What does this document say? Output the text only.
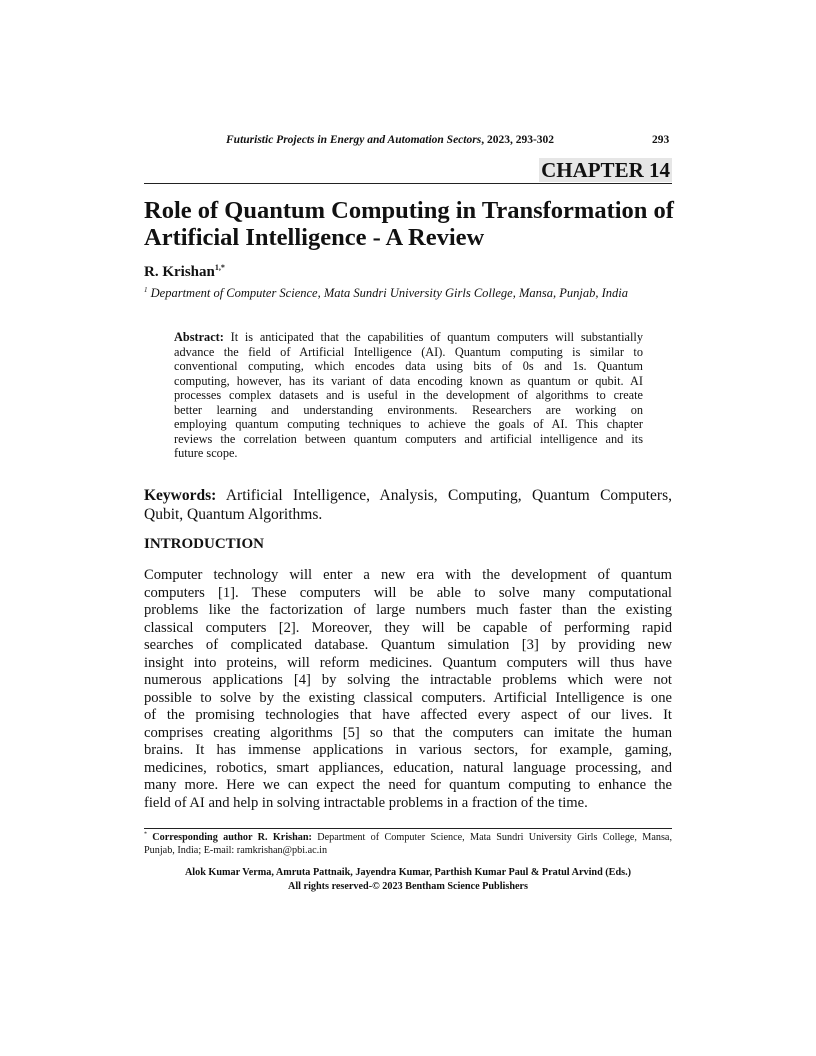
Futuristic Projects in Energy and Automation Sectors, 2023, 293-302	293
CHAPTER 14
Role of Quantum Computing in Transformation of
Artificial Intelligence - A Review
R. Krishan$^{1,*}$
$^1$ Department of Computer Science, Mata Sundri University Girls College, Mansa, Punjab, India
Abstract: It is anticipated that the capabilities of quantum computers will substantially
advance the field of Artificial Intelligence (AI). Quantum computing is similar to
conventional computing, which encodes data using bits of 0s and 1s. Quantum
computing, however, has its variant of data encoding known as quantum or qubit. AI
processes complex datasets and is useful in the development of algorithms to create
better learning and understanding environments. Researchers are working on
employing quantum computing techniques to achieve the goals of AI. This chapter
reviews the correlation between quantum computers and artificial intelligence and its
future scope.
Keywords: Artificial Intelligence, Analysis, Computing, Quantum Computers,
Qubit, Quantum Algorithms.
INTRODUCTION
Computer technology will enter a new era with the development of quantum
computers [1]. These computers will be able to solve many computational
problems like the factorization of large numbers much faster than the existing
classical computers [2]. Moreover, they will be capable of performing rapid
searches of complicated database. Quantum simulation [3] by providing new
insight into proteins, will reform medicines. Quantum computers will thus have
numerous applications [4] by solving the intractable problems which were not
possible to solve by the existing classical computers. Artificial Intelligence is one
of the promising technologies that have affected every aspect of our lives. It
comprises creating algorithms [5] so that the computers can imitate the human
brains. It has immense applications in various sectors, for example, gaming,
medicines, robotics, smart appliances, education, natural language processing, and
many more. Here we can expect the need for quantum computing to enhance the
field of AI and help in solving intractable problems in a fraction of the time.
* Corresponding author R. Krishan: Department of Computer Science, Mata Sundri University Girls College, Mansa,
Punjab, India; E-mail: ramkrishan@pbi.ac.in
Alok Kumar Verma, Amruta Pattnaik, Jayendra Kumar, Parthish Kumar Paul & Pratul Arvind (Eds.)
All rights reserved-© 2023 Bentham Science Publishers
